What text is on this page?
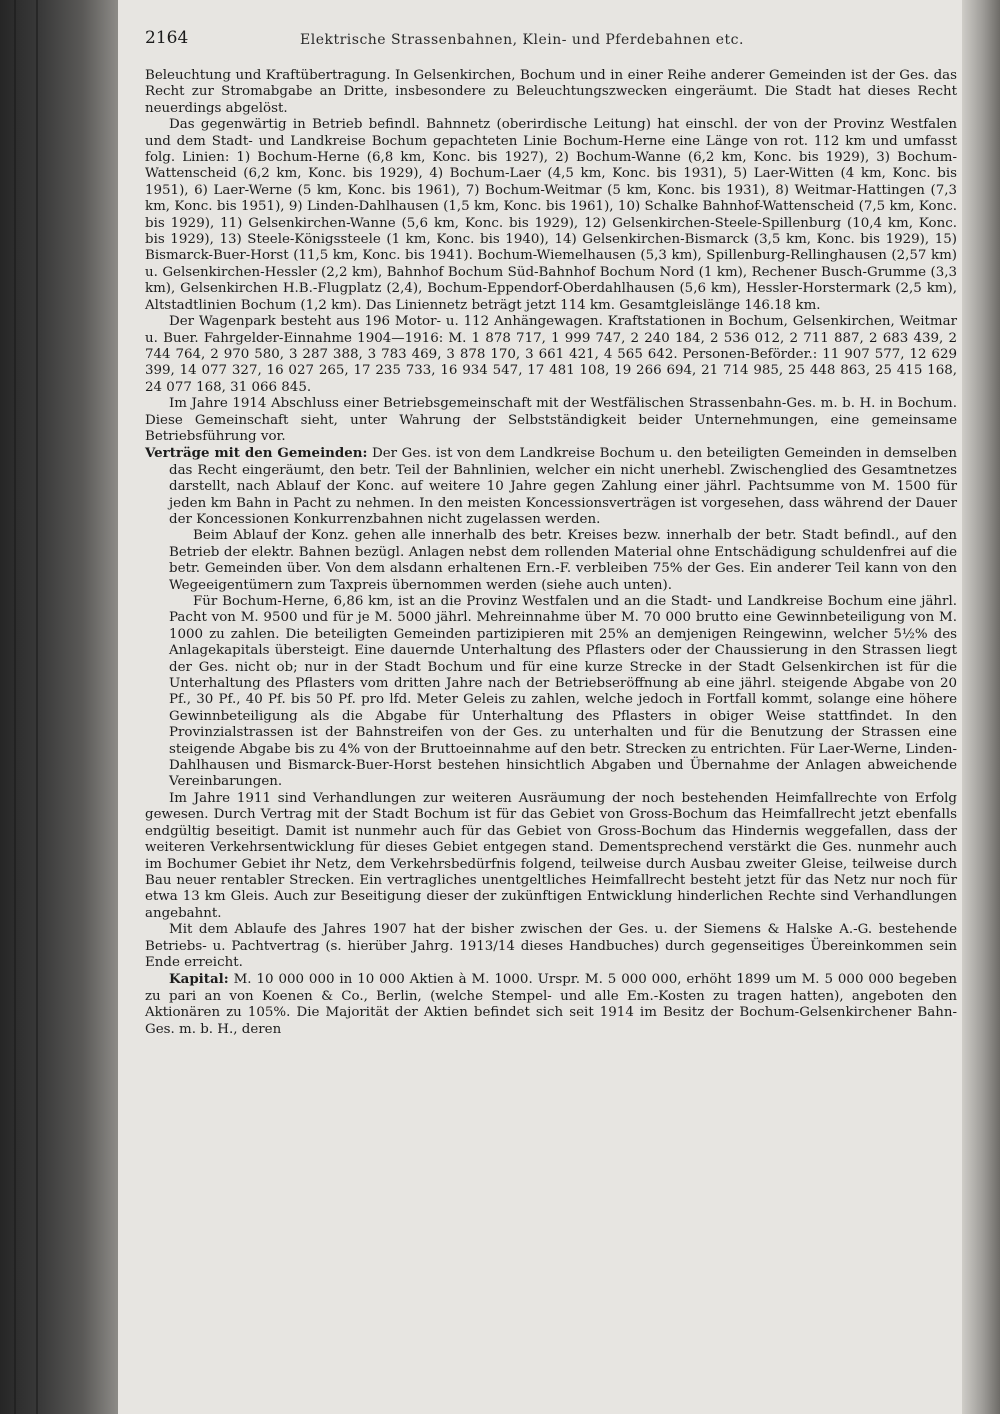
2164	Elektrische Strassenbahnen, Klein- und Pferdebahnen etc.

Beleuchtung und Kraftübertragung. In Gelsenkirchen, Bochum und in einer Reihe anderer Gemeinden ist der Ges. das Recht zur Stromabgabe an Dritte, insbesondere zu Beleuchtungszwecken eingeräumt. Die Stadt hat dieses Recht neuerdings abgelöst.

Das gegenwärtig in Betrieb befindl. Bahnnetz (oberirdische Leitung) hat einschl. der von der Provinz Westfalen und dem Stadt- und Landkreise Bochum gepachteten Linie Bochum-Herne eine Länge von rot. 112 km und umfasst folg. Linien: 1) Bochum-Herne (6,8 km, Konc. bis 1927), 2) Bochum-Wanne (6,2 km, Konc. bis 1929), 3) Bochum-Wattenscheid (6,2 km, Konc. bis 1929), 4) Bochum-Laer (4,5 km, Konc. bis 1931), 5) Laer-Witten (4 km, Konc. bis 1951), 6) Laer-Werne (5 km, Konc. bis 1961), 7) Bochum-Weitmar (5 km, Konc. bis 1931), 8) Weitmar-Hattingen (7,3 km, Konc. bis 1951), 9) Linden-Dahlhausen (1,5 km, Konc. bis 1961), 10) Schalke Bahnhof-Wattenscheid (7,5 km, Konc. bis 1929), 11) Gelsenkirchen-Wanne (5,6 km, Konc. bis 1929), 12) Gelsenkirchen-Steele-Spillenburg (10,4 km, Konc. bis 1929), 13) Steele-Königssteele (1 km, Konc. bis 1940), 14) Gelsenkirchen-Bismarck (3,5 km, Konc. bis 1929), 15) Bismarck-Buer-Horst (11,5 km, Konc. bis 1941). Bochum-Wiemelhausen (5,3 km), Spillenburg-Rellinghausen (2,57 km) u. Gelsenkirchen-Hessler (2,2 km), Bahnhof Bochum Süd-Bahnhof Bochum Nord (1 km), Rechener Busch-Grumme (3,3 km), Gelsenkirchen H.B.-Flugplatz (2,4), Bochum-Eppendorf-Oberdahlhausen (5,6 km), Hessler-Horstermark (2,5 km), Altstadtlinien Bochum (1,2 km). Das Liniennetz beträgt jetzt 114 km. Gesamtgleislänge 146.18 km.

Der Wagenpark besteht aus 196 Motor- u. 112 Anhängewagen. Kraftstationen in Bochum, Gelsenkirchen, Weitmar u. Buer. Fahrgelder-Einnahme 1904—1916: M. 1 878 717, 1 999 747, 2 240 184, 2 536 012, 2 711 887, 2 683 439, 2 744 764, 2 970 580, 3 287 388, 3 783 469, 3 878 170, 3 661 421, 4 565 642. Personen-Beförder.: 11 907 577, 12 629 399, 14 077 327, 16 027 265, 17 235 733, 16 934 547, 17 481 108, 19 266 694, 21 714 985, 25 448 863, 25 415 168, 24 077 168, 31 066 845.

Im Jahre 1914 Abschluss einer Betriebsgemeinschaft mit der Westfälischen Strassenbahn-Ges. m. b. H. in Bochum. Diese Gemeinschaft sieht, unter Wahrung der Selbstständigkeit beider Unternehmungen, eine gemeinsame Betriebsführung vor.

Verträge mit den Gemeinden: Der Ges. ist von dem Landkreise Bochum u. den beteiligten Gemeinden in demselben das Recht eingeräumt, den betr. Teil der Bahnlinien, welcher ein nicht unerhebl. Zwischenglied des Gesamtnetzes darstellt, nach Ablauf der Konc. auf weitere 10 Jahre gegen Zahlung einer jährl. Pachtsumme von M. 1500 für jeden km Bahn in Pacht zu nehmen. In den meisten Koncessionsverträgen ist vorgesehen, dass während der Dauer der Koncessionen Konkurrenzbahnen nicht zugelassen werden.

Beim Ablauf der Konz. gehen alle innerhalb des betr. Kreises bezw. innerhalb der betr. Stadt befindl., auf den Betrieb der elektr. Bahnen bezügl. Anlagen nebst dem rollenden Material ohne Entschädigung schuldenfrei auf die betr. Gemeinden über. Von dem alsdann erhaltenen Ern.-F. verbleiben 75% der Ges. Ein anderer Teil kann von den Wegeeigentümern zum Taxpreis übernommen werden (siehe auch unten).

Für Bochum-Herne, 6,86 km, ist an die Provinz Westfalen und an die Stadt- und Landkreise Bochum eine jährl. Pacht von M. 9500 und für je M. 5000 jährl. Mehreinnahme über M. 70 000 brutto eine Gewinnbeteiligung von M. 1000 zu zahlen. Die beteiligten Gemeinden partizipieren mit 25% an demjenigen Reingewinn, welcher 5½% des Anlagekapitals übersteigt. Eine dauernde Unterhaltung des Pflasters oder der Chaussierung in den Strassen liegt der Ges. nicht ob; nur in der Stadt Bochum und für eine kurze Strecke in der Stadt Gelsenkirchen ist für die Unterhaltung des Pflasters vom dritten Jahre nach der Betriebseröffnung ab eine jährl. steigende Abgabe von 20 Pf., 30 Pf., 40 Pf. bis 50 Pf. pro lfd. Meter Geleis zu zahlen, welche jedoch in Fortfall kommt, solange eine höhere Gewinnbeteiligung als die Abgabe für Unterhaltung des Pflasters in obiger Weise stattfindet. In den Provinzialstrassen ist der Bahnstreifen von der Ges. zu unterhalten und für die Benutzung der Strassen eine steigende Abgabe bis zu 4% von der Bruttoeinnahme auf den betr. Strecken zu entrichten. Für Laer-Werne, Linden-Dahlhausen und Bismarck-Buer-Horst bestehen hinsichtlich Abgaben und Übernahme der Anlagen abweichende Vereinbarungen.

Im Jahre 1911 sind Verhandlungen zur weiteren Ausräumung der noch bestehenden Heimfallrechte von Erfolg gewesen. Durch Vertrag mit der Stadt Bochum ist für das Gebiet von Gross-Bochum das Heimfallrecht jetzt ebenfalls endgültig beseitigt. Damit ist nunmehr auch für das Gebiet von Gross-Bochum das Hindernis weggefallen, dass der weiteren Verkehrsentwicklung für dieses Gebiet entgegen stand. Dementsprechend verstärkt die Ges. nunmehr auch im Bochumer Gebiet ihr Netz, dem Verkehrsbedürfnis folgend, teilweise durch Ausbau zweiter Gleise, teilweise durch Bau neuer rentabler Strecken. Ein vertragliches unentgeltliches Heimfallrecht besteht jetzt für das Netz nur noch für etwa 13 km Gleis. Auch zur Beseitigung dieser der zukünftigen Entwicklung hinderlichen Rechte sind Verhandlungen angebahnt.

Mit dem Ablaufe des Jahres 1907 hat der bisher zwischen der Ges. u. der Siemens & Halske A.-G. bestehende Betriebs- u. Pachtvertrag (s. hierüber Jahrg. 1913/14 dieses Handbuches) durch gegenseitiges Übereinkommen sein Ende erreicht.

Kapital: M. 10 000 000 in 10 000 Aktien à M. 1000. Urspr. M. 5 000 000, erhöht 1899 um M. 5 000 000 begeben zu pari an von Koenen & Co., Berlin, (welche Stempel- und alle Em.-Kosten zu tragen hatten), angeboten den Aktionären zu 105%. Die Majorität der Aktien befindet sich seit 1914 im Besitz der Bochum-Gelsenkirchener Bahn-Ges. m. b. H., deren
